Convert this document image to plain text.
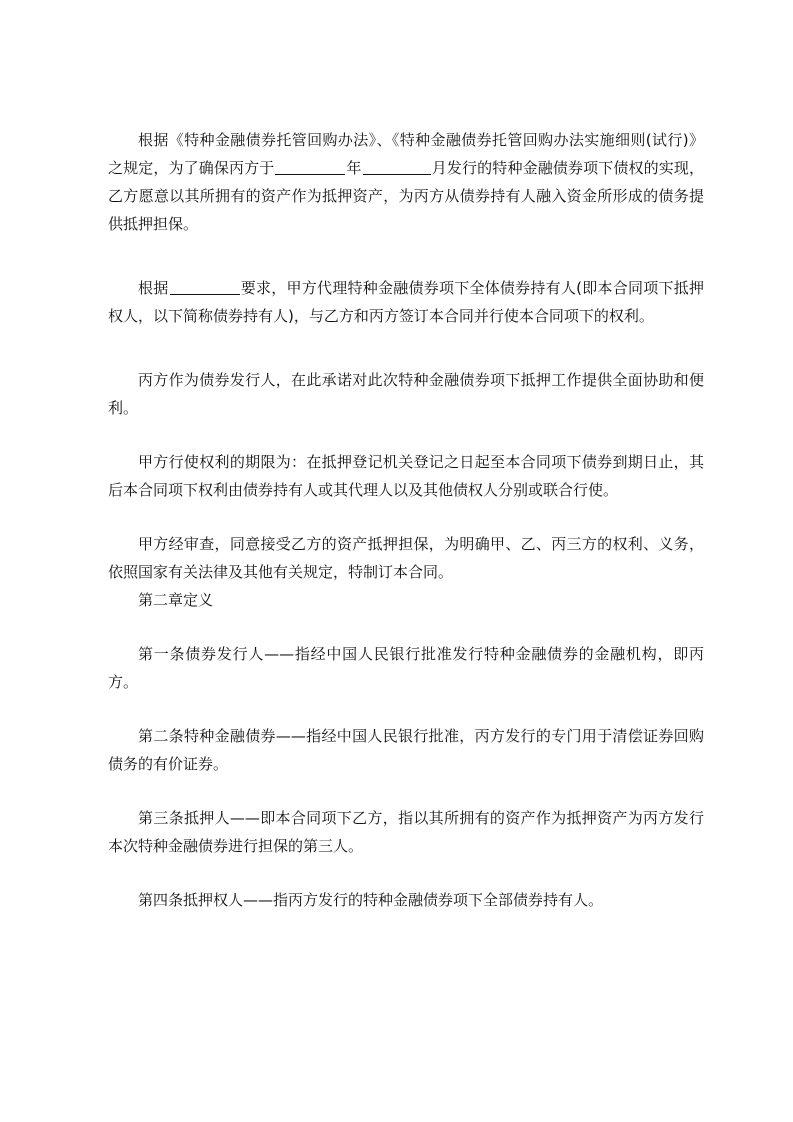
根据《特种金融债券托管回购办法》、《特种金融债券托管回购办法实施细则(试行)》之规定，为了确保丙方于	年	月发行的特种金融债券项下债权的实现，乙方愿意以其所拥有的资产作为抵押资产，为丙方从债券持有人融入资金所形成的债务提供抵押担保。

根据	要求，甲方代理特种金融债券项下全体债券持有人(即本合同项下抵押权人，以下简称债券持有人)，与乙方和丙方签订本合同并行使本合同项下的权利。

丙方作为债券发行人，在此承诺对此次特种金融债券项下抵押工作提供全面协助和便利。

甲方行使权利的期限为：在抵押登记机关登记之日起至本合同项下债券到期日止，其后本合同项下权利由债券持有人或其代理人以及其他债权人分别或联合行使。

甲方经审查，同意接受乙方的资产抵押担保，为明确甲、乙、丙三方的权利、义务，依照国家有关法律及其他有关规定，特制订本合同。

第二章定义

第一条债券发行人——指经中国人民银行批准发行特种金融债券的金融机构，即丙方。

第二条特种金融债券——指经中国人民银行批准，丙方发行的专门用于清偿证券回购债务的有价证券。

第三条抵押人——即本合同项下乙方，指以其所拥有的资产作为抵押资产为丙方发行本次特种金融债券进行担保的第三人。

第四条抵押权人——指丙方发行的特种金融债券项下全部债券持有人。
